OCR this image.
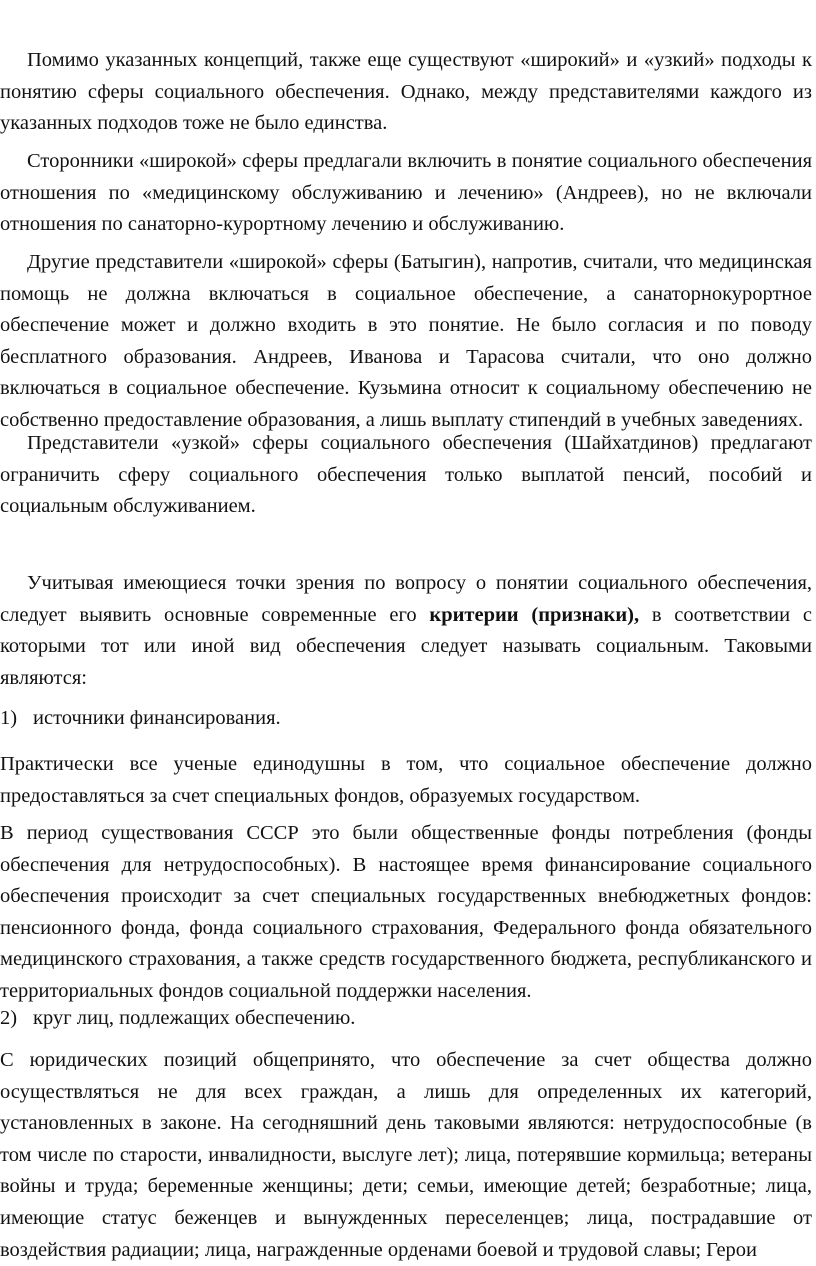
Помимо указанных концепций, также еще существуют «широкий» и «узкий» подходы к понятию сферы социального обеспечения. Однако, между представителями каждого из указанных подходов тоже не было единства.

Сторонники «широкой» сферы предлагали включить в понятие социального обеспечения отношения по «медицинскому обслуживанию и лечению» (Андреев), но не включали отношения по санаторно-курортному лечению и обслуживанию.

Другие представители «широкой» сферы (Батыгин), напротив, считали, что медицинская помощь не должна включаться в социальное обеспечение, а санаторнокурортное обеспечение может и должно входить в это понятие. Не было согласия и по поводу бесплатного образования. Андреев, Иванова и Тарасова считали, что оно должно включаться в социальное обеспечение. Кузьмина относит к социальному обеспечению не собственно предоставление образования, а лишь выплату стипендий в учебных заведениях.

Представители «узкой» сферы социального обеспечения (Шайхатдинов) предлагают ограничить сферу социального обеспечения только выплатой пенсий, пособий и социальным обслуживанием.

Учитывая имеющиеся точки зрения по вопросу о понятии социального обеспечения, следует выявить основные современные его критерии (признаки), в соответствии с которыми тот или иной вид обеспечения следует называть социальным. Таковыми являются:

1) источники финансирования.

Практически все ученые единодушны в том, что социальное обеспечение должно предоставляться за счет специальных фондов, образуемых государством.

В период существования СССР это были общественные фонды потребления (фонды обеспечения для нетрудоспособных). В настоящее время финансирование социального обеспечения происходит за счет специальных государственных внебюджетных фондов: пенсионного фонда, фонда социального страхования, Федерального фонда обязательного медицинского страхования, а также средств государственного бюджета, республиканского и территориальных фондов социальной поддержки населения.

2) круг лиц, подлежащих обеспечению.

С юридических позиций общепринято, что обеспечение за счет общества должно осуществляться не для всех граждан, а лишь для определенных их категорий, установленных в законе. На сегодняшний день таковыми являются: нетрудоспособные (в том числе по старости, инвалидности, выслуге лет); лица, потерявшие кормильца; ветераны войны и труда; беременные женщины; дети; семьи, имеющие детей; безработные; лица, имеющие статус беженцев и вынужденных переселенцев; лица, пострадавшие от воздействия радиации; лица, награжденные орденами боевой и трудовой славы; Герои
